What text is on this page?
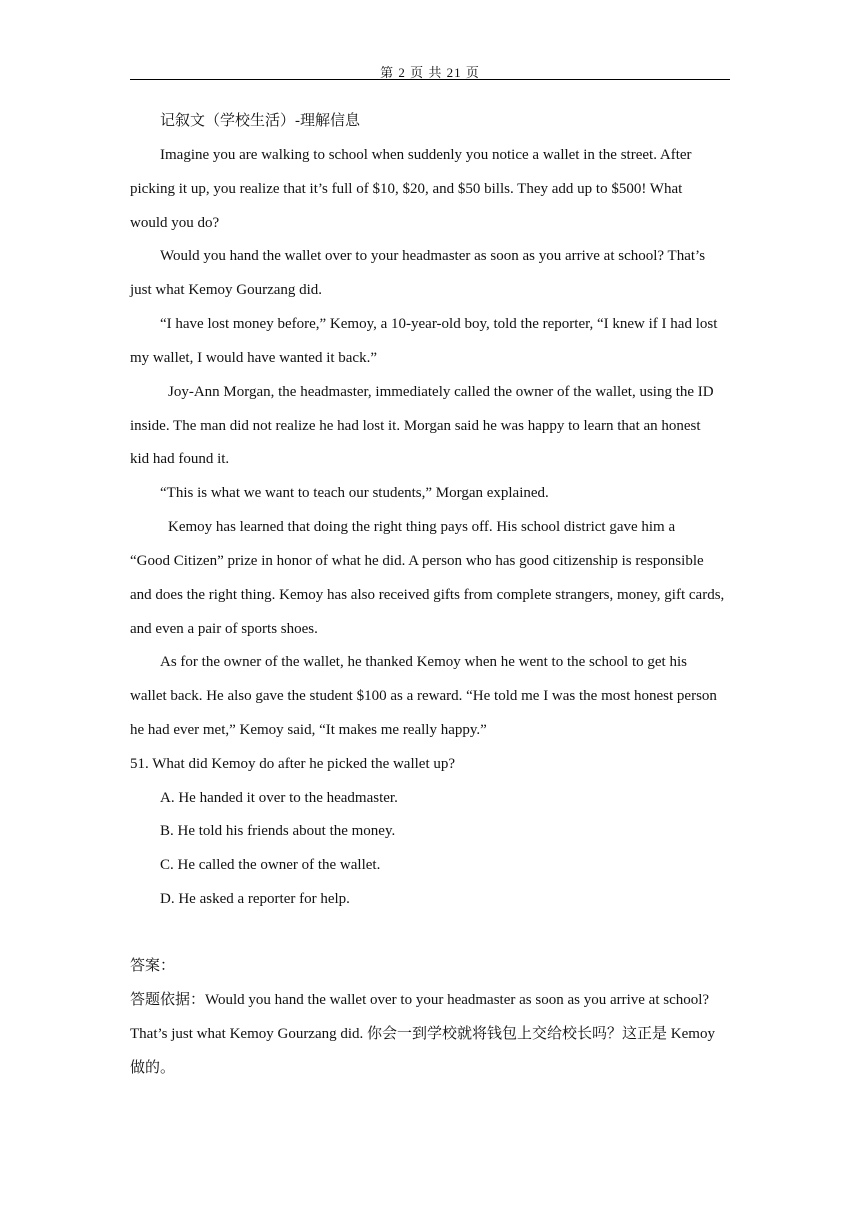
第 2 页 共 21 页
记叙文（学校生活）-理解信息
Imagine you are walking to school when suddenly you notice a wallet in the street. After
picking it up, you realize that it’s full of $10, $20, and $50 bills. They add up to $500! What
would you do?
Would you hand the wallet over to your headmaster as soon as you arrive at school? That’s
just what Kemoy Gourzang did.
“I have lost money before,” Kemoy, a 10-year-old boy, told the reporter, “I knew if I had lost
my wallet, I would have wanted it back.”
Joy-Ann Morgan, the headmaster, immediately called the owner of the wallet, using the ID
inside. The man did not realize he had lost it. Morgan said he was happy to learn that an honest
kid had found it.
“This is what we want to teach our students,” Morgan explained.
Kemoy has learned that doing the right thing pays off. His school district gave him a
“Good Citizen” prize in honor of what he did. A person who has good citizenship is responsible
and does the right thing. Kemoy has also received gifts from complete strangers, money, gift cards,
and even a pair of sports shoes.
As for the owner of the wallet, he thanked Kemoy when he went to the school to get his
wallet back. He also gave the student $100 as a reward. “He told me I was the most honest person
he had ever met,” Kemoy said, “It makes me really happy.”
51. What did Kemoy do after he picked the wallet up?
A. He handed it over to the headmaster.
B. He told his friends about the money.
C. He called the owner of the wallet.
D. He asked a reporter for help.
答案：
答题依据：Would you hand the wallet over to your headmaster as soon as you arrive at school?
That’s just what Kemoy Gourzang did. 你会一到学校就将钱包上交给校长吗？这正是 Kemoy
做的。
